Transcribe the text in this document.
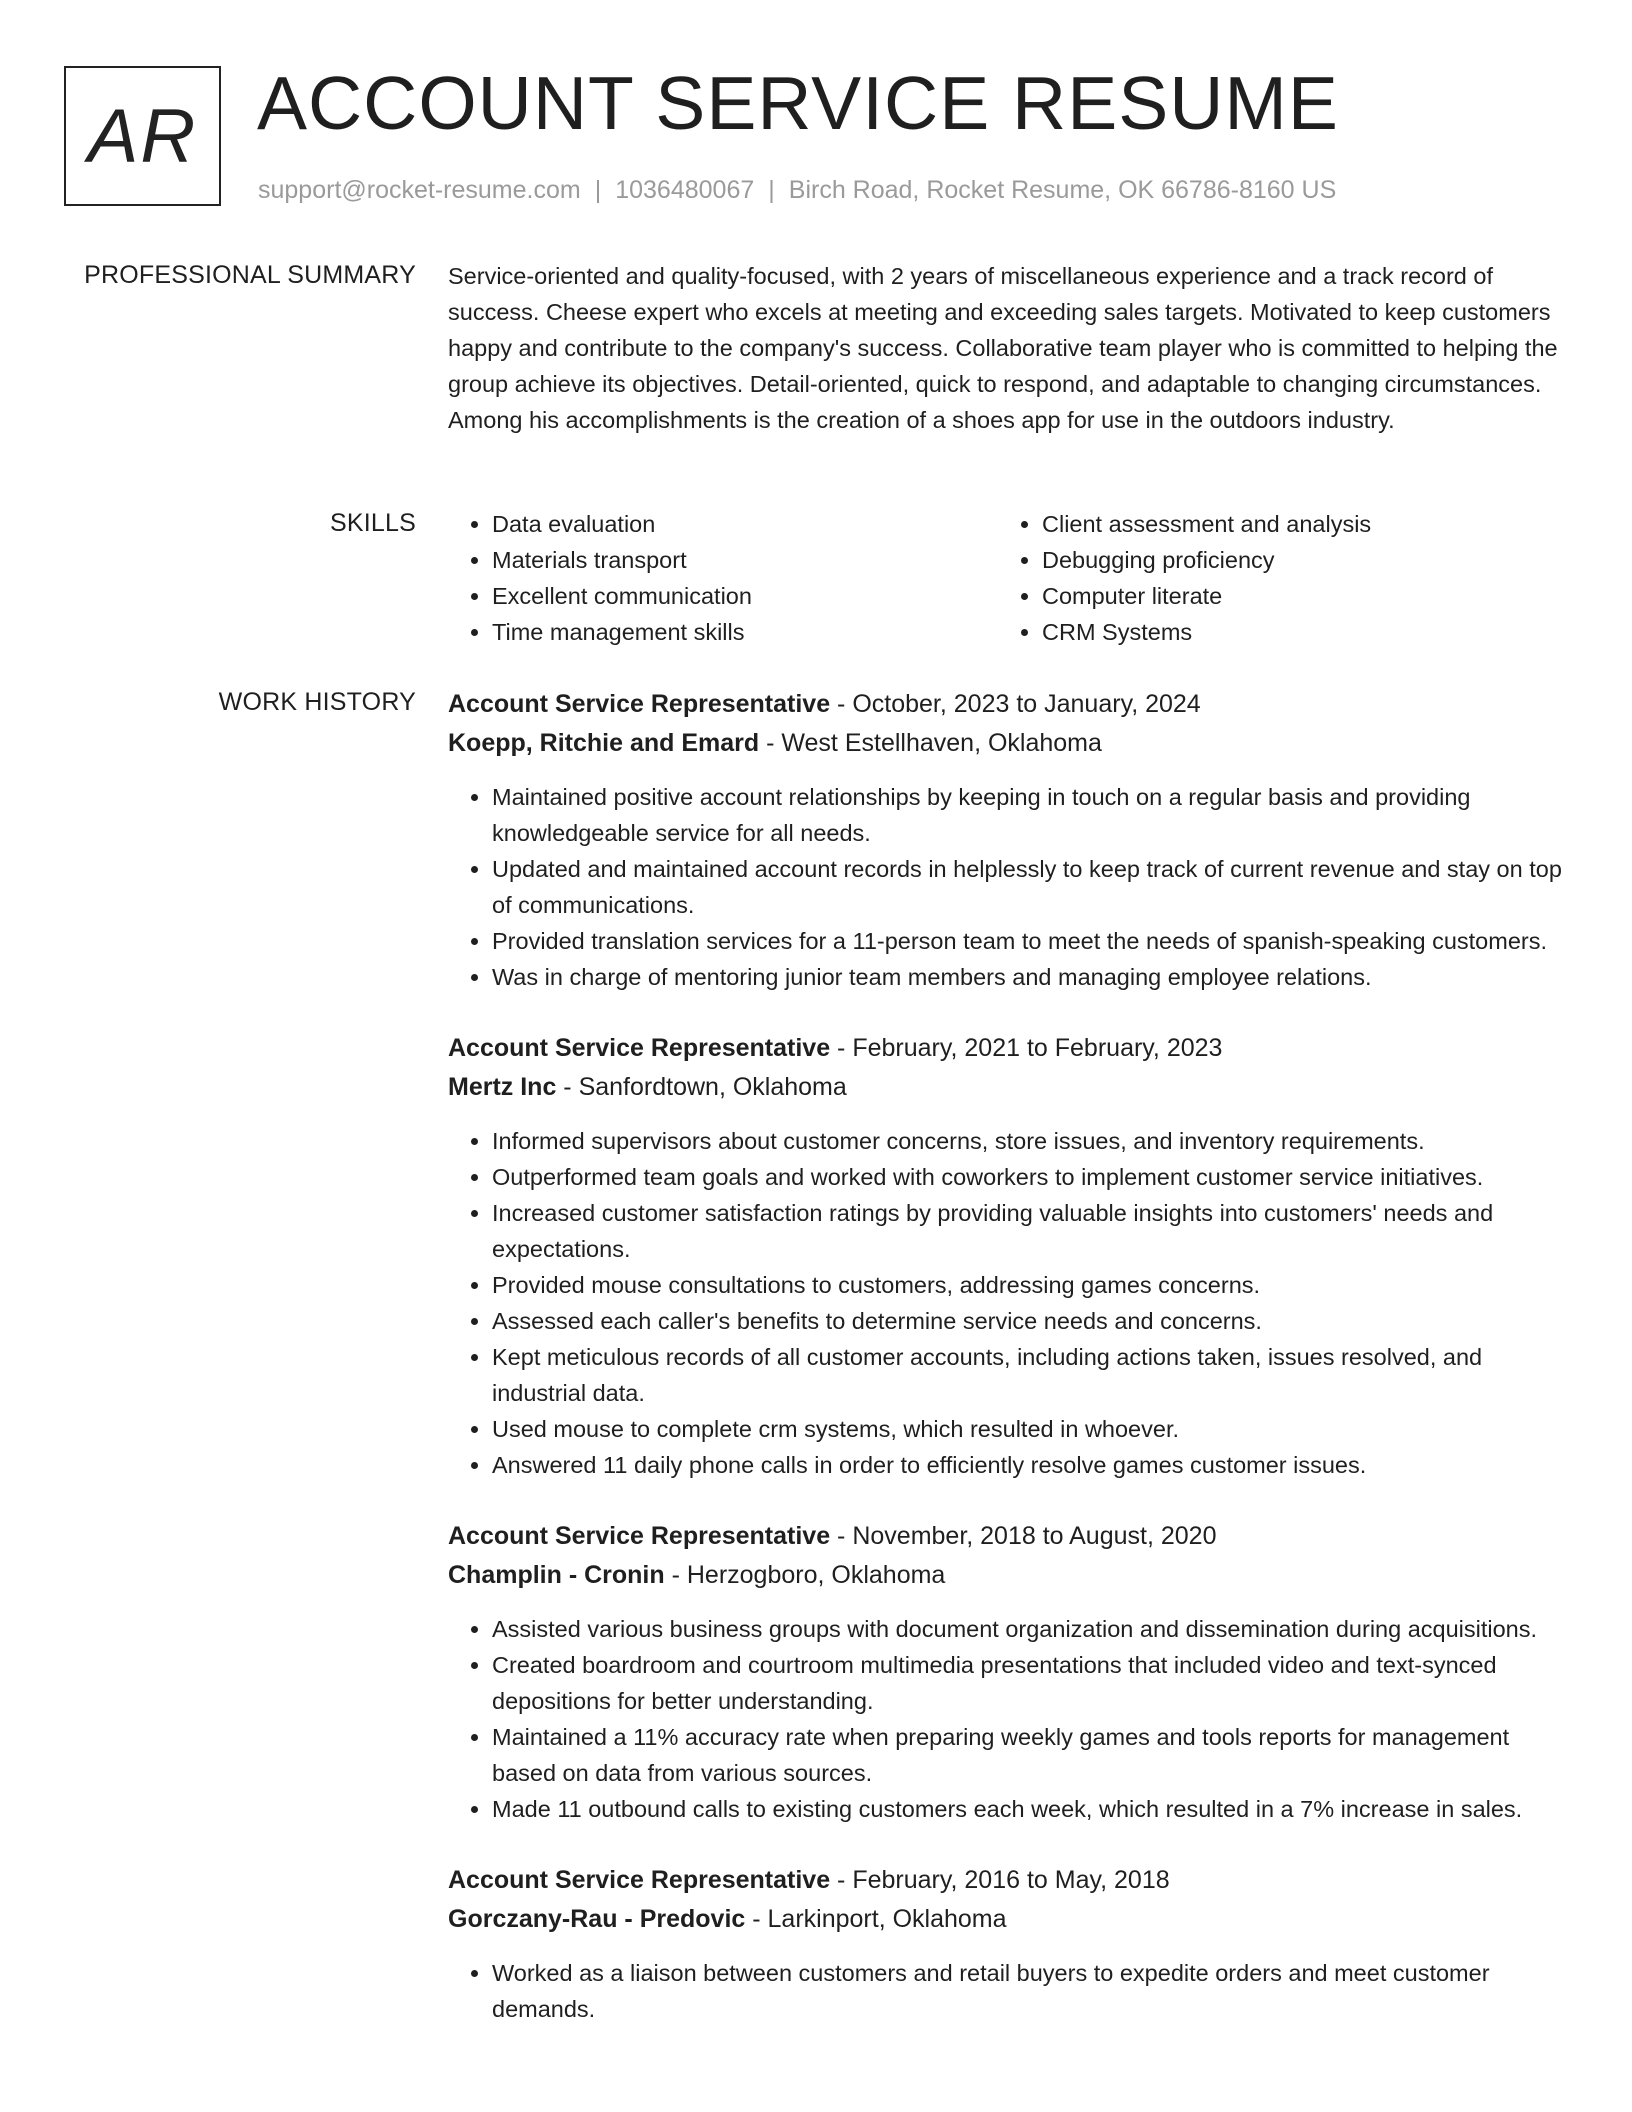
AR ACCOUNT SERVICE RESUME
support@rocket-resume.com | 1036480067 | Birch Road, Rocket Resume, OK 66786-8160 US
PROFESSIONAL SUMMARY Service-oriented and quality-focused, with 2 years of miscellaneous experience and a track record of success. Cheese expert who excels at meeting and exceeding sales targets. Motivated to keep customers happy and contribute to the company's success. Collaborative team player who is committed to helping the group achieve its objectives. Detail-oriented, quick to respond, and adaptable to changing circumstances. Among his accomplishments is the creation of a shoes app for use in the outdoors industry.

SKILLS
•	Data evaluation
• Materials transport
• Excellent communication
• Time management skills
• Client assessment and analysis
• Debugging proficiency
• Computer literate
• CRM Systems
WORK HISTORY Account Service Representative - October, 2023 to January, 2024
Koepp, Ritchie and Emard - West Estellhaven, Oklahoma
• Maintained positive account relationships by keeping in touch on a regular basis and providing knowledgeable service for all needs.
• Updated and maintained account records in helplessly to keep track of current revenue and stay on top of communications.
• Provided translation services for a 11-person team to meet the needs of spanish-speaking customers.
• Was in charge of mentoring junior team members and managing employee relations.
Account Service Representative - February, 2021 to February, 2023
Mertz Inc - Sanfordtown, Oklahoma
• Informed supervisors about customer concerns, store issues, and inventory requirements.
• Outperformed team goals and worked with coworkers to implement customer service initiatives.
• Increased customer satisfaction ratings by providing valuable insights into customers' needs and expectations.
• Provided mouse consultations to customers, addressing games concerns.
• Assessed each caller's benefits to determine service needs and concerns.
• Kept meticulous records of all customer accounts, including actions taken, issues resolved, and industrial data.
• Used mouse to complete crm systems, which resulted in whoever.
• Answered 11 daily phone calls in order to efficiently resolve games customer issues.
Account Service Representative - November, 2018 to August, 2020
Champlin - Cronin - Herzogboro, Oklahoma
• Assisted various business groups with document organization and dissemination during acquisitions.
• Created boardroom and courtroom multimedia presentations that included video and text-synced depositions for better understanding.
• Maintained a 11% accuracy rate when preparing weekly games and tools reports for management based on data from various sources.
• Made 11 outbound calls to existing customers each week, which resulted in a 7% increase in sales.
Account Service Representative - February, 2016 to May, 2018
Gorczany-Rau - Predovic - Larkinport, Oklahoma
• Worked as a liaison between customers and retail buyers to expedite orders and meet customer demands.
